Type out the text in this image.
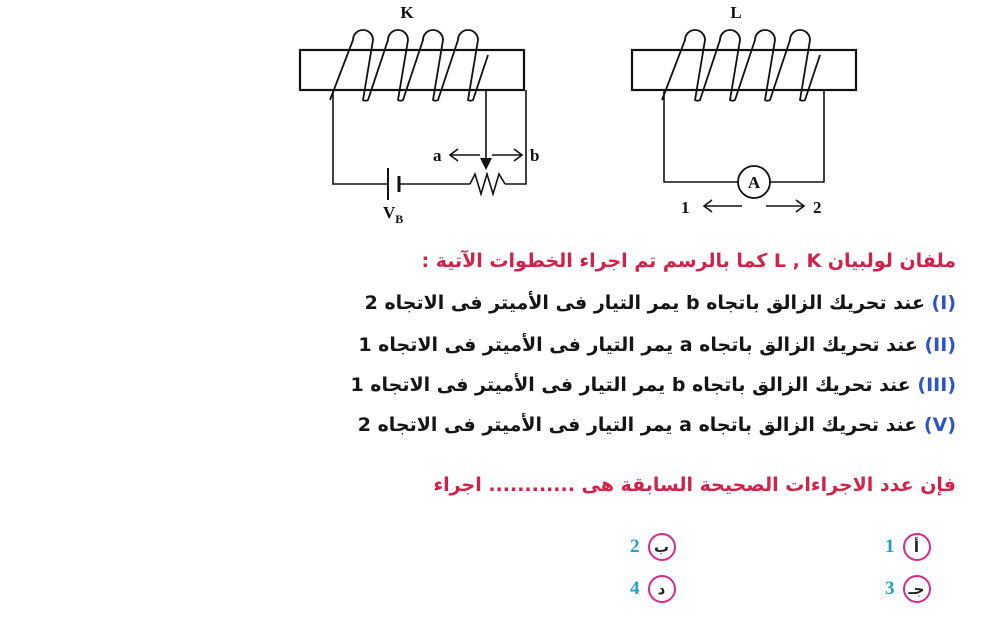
K
$V_B$
a	b
L
A
1	2
ملفان لولبيان L , K كما بالرسم تم اجراء الخطوات الآتية :
(I) عند تحريك الزالق باتجاه b يمر التيار فى الأميتر فى الاتجاه 2
(II) عند تحريك الزالق باتجاه a يمر التيار فى الأميتر فى الاتجاه 1
(III) عند تحريك الزالق باتجاه b يمر التيار فى الأميتر فى الاتجاه 1
(V) عند تحريك الزالق باتجاه a يمر التيار فى الأميتر فى الاتجاه 2
فإن عدد الاجراءات الصحيحة السابقة هى ............ اجراء
1	أ
2 ب
3 جـ
4	د
